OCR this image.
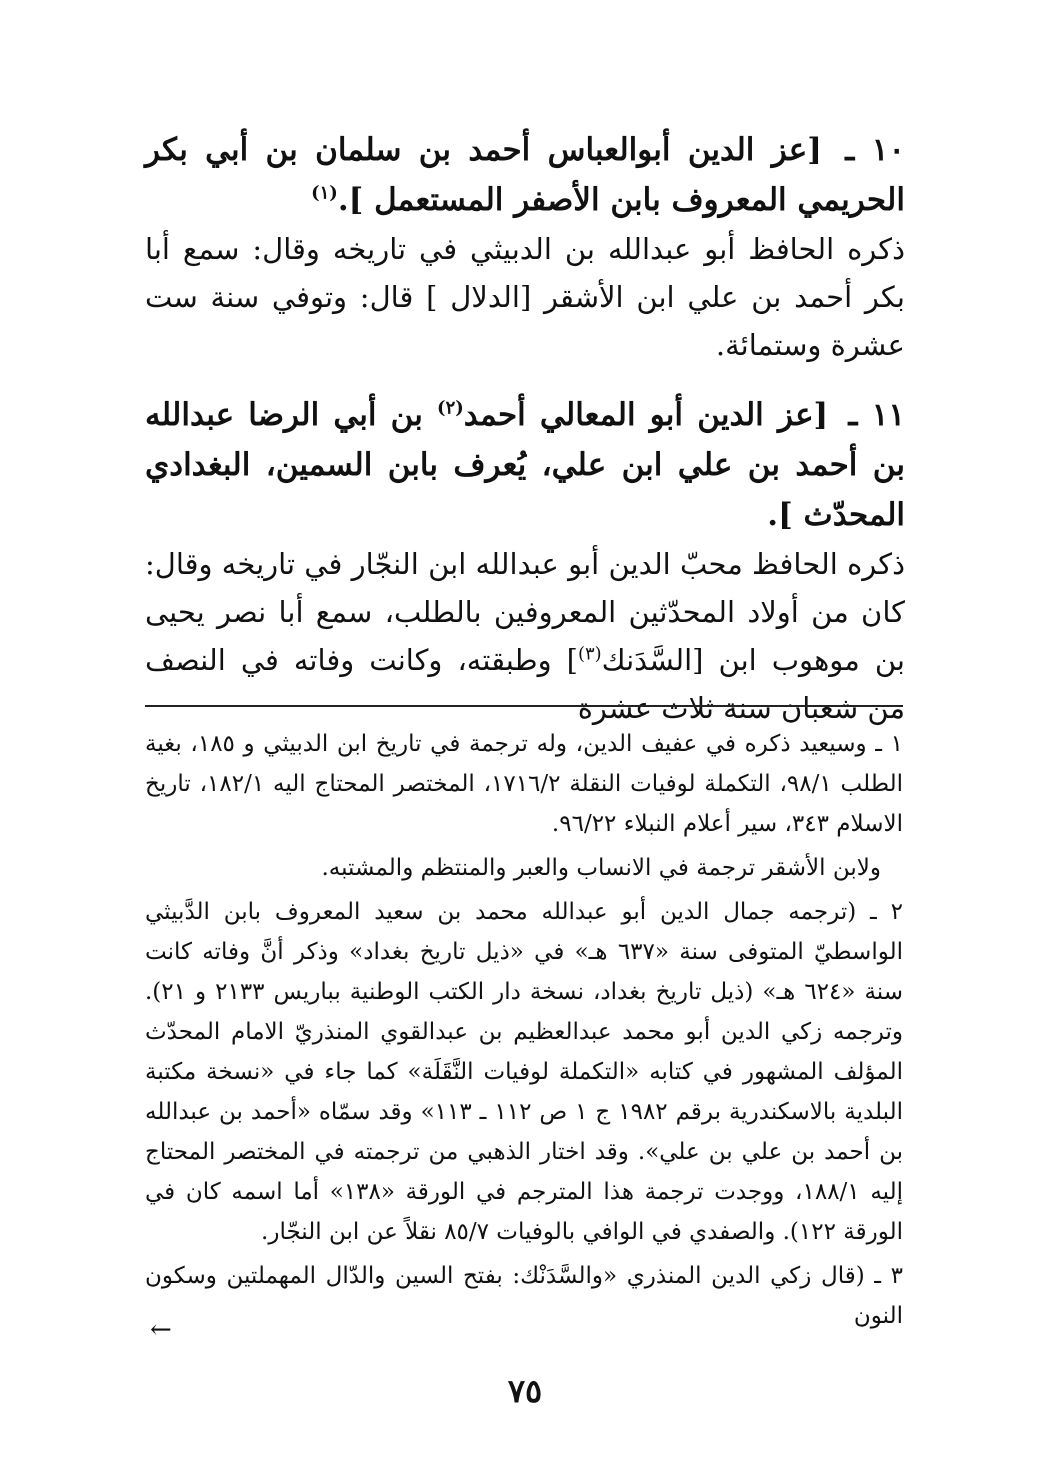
١٠ ـ [عز الدين أبوالعباس أحمد بن سلمان بن أبي بكر الحريمي المعروف بابن الأصفر المستعمل ].$^{(١)}$
ذكره الحافظ أبو عبدالله بن الدبيثي في تاريخه وقال: سمع أبا بكر أحمد بن علي ابن الأشقر [الدلال ] قال: وتوفي سنة ست عشرة وستمائة.
١١ ـ [عز الدين أبو المعالي أحمد$^{(٢)}$ بن أبي الرضا عبدالله بن أحمد بن علي ابن علي، يُعرف بابن السمين، البغدادي المحدّث ].
ذكره الحافظ محبّ الدين أبو عبدالله ابن النجّار في تاريخه وقال: كان من أولاد المحدّثين المعروفين بالطلب، سمع أبا نصر يحيى بن موهوب ابن [السَّدَنك$^{(٣)}$] وطبقته، وكانت وفاته في النصف من شعبان سنة ثلاث عشرة

١ ـ وسيعيد ذكره في عفيف الدين، وله ترجمة في تاريخ ابن الدبيثي و ١٨٥، بغية الطلب ٩٨/١، التكملة لوفيات النقلة ١٧١٦/٢، المختصر المحتاج اليه ١٨٢/١، تاريخ الاسلام ٣٤٣، سير أعلام النبلاء ٩٦/٢٢.

ولابن الأشقر ترجمة في الانساب والعبر والمنتظم والمشتبه.

٢ ـ (ترجمه جمال الدين أبو عبدالله محمد بن سعيد المعروف بابن الدَّبيثي الواسطيّ المتوفى سنة «٦٣٧ هـ» في «ذيل تاريخ بغداد» وذكر أنَّ وفاته كانت سنة «٦٢٤ هـ» (ذيل تاريخ بغداد، نسخة دار الكتب الوطنية بباريس ٢١٣٣ و ٢١). وترجمه زكي الدين أبو محمد عبدالعظيم بن عبدالقوي المنذريّ الامام المحدّث المؤلف المشهور في كتابه «التكملة لوفيات النَّقَلَة» كما جاء في «نسخة مكتبة البلدية بالاسكندرية برقم ١٩٨٢ ج ١ ص ١١٢ ـ ١١٣» وقد سمّاه «أحمد بن عبدالله بن أحمد بن علي بن علي». وقد اختار الذهبي من ترجمته في المختصر المحتاج إليه ١٨٨/١، ووجدت ترجمة هذا المترجم في الورقة «١٣٨» أما اسمه كان في الورقة ١٢٢). والصفدي في الوافي بالوفيات ٨٥/٧ نقلاً عن ابن النجّار.

٣ ـ (قال زكي الدين المنذري «والسَّدَنْك: بفتح السين والدّال المهملتين وسكون النون

←
٧٥
